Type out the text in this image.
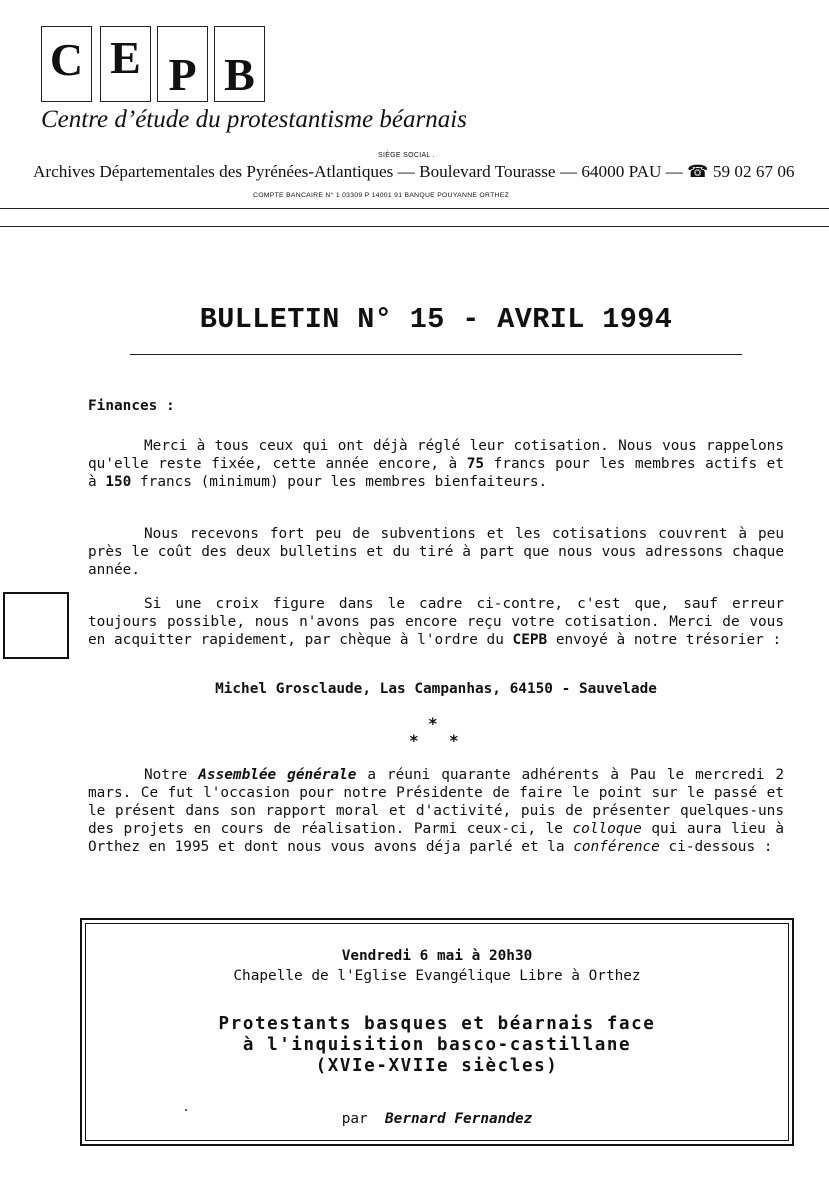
C E P B
Centre d’étude du protestantisme béarnais
SIÈGE SOCIAL .
Archives Départementales des Pyrénées-Atlantiques — Boulevard Tourasse — 64000 PAU — ☎ 59 02 67 06
COMPTE BANCAIRE N° 1 03309 P 14001 91 BANQUE POUYANNE ORTHEZ
BULLETIN N° 15 - AVRIL 1994
Finances :
Merci à tous ceux qui ont déjà réglé leur cotisation. Nous vous rappelons qu'elle reste fixée, cette année encore, à 75 francs pour les membres actifs et à 150 francs (minimum) pour les membres bienfaiteurs.
Nous recevons fort peu de subventions et les cotisations couvrent à peu près le coût des deux bulletins et du tiré à part que nous vous adressons chaque année.
Si une croix figure dans le cadre ci-contre, c'est que, sauf erreur toujours possible, nous n'avons pas encore reçu votre cotisation. Merci de vous en acquitter rapidement, par chèque à l'ordre du CEPB envoyé à notre trésorier :
Michel Grosclaude, Las Campanhas, 64150 - Sauvelade
*
* *
Notre Assemblée générale a réuni quarante adhérents à Pau le mercredi 2 mars. Ce fut l'occasion pour notre Présidente de faire le point sur le passé et le présent dans son rapport moral et d'activité, puis de présenter quelques-uns des projets en cours de réalisation. Parmi ceux-ci, le colloque qui aura lieu à Orthez en 1995 et dont nous vous avons déja parlé et la conférence ci-dessous :
Vendredi 6 mai à 20h30
Chapelle de l'Eglise Evangélique Libre à Orthez
Protestants basques et béarnais face
à l'inquisition basco-castillane
(XVIe-XVIIe siècles)
par Bernard Fernandez
